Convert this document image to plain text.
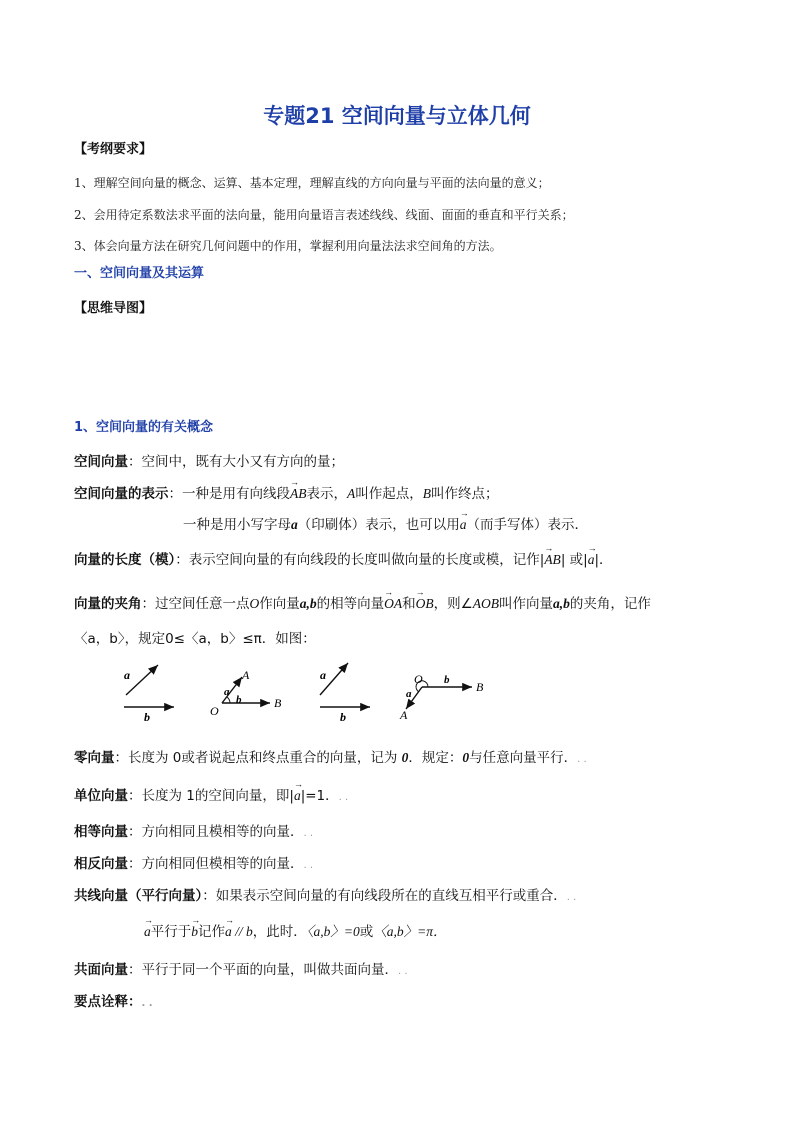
专题21 空间向量与立体几何
【考纲要求】
1、理解空间向量的概念、运算、基本定理，理解直线的方向向量与平面的法向量的意义；
2、会用待定系数法求平面的法向量，能用向量语言表述线线、线面、面面的垂直和平行关系；
3、体会向量方法在研究几何问题中的作用，掌握利用向量法法求空间角的方法。
一、空间向量及其运算
【思维导图】
1、空间向量的有关概念
空间向量：空间中，既有大小又有方向的量；
空间向量的表示：一种是用有向线段→ AB表示，A叫作起点，B叫作终点；
一种是用小写字母a（印刷体）表示，也可以用→ a（而手写体）表示．
向量的长度（模）：表示空间向量的有向线段的长度叫做向量的长度或模，记作|→ AB| 或|→ a|．
向量的夹角：过空间任意一点O作向量a,b的相等向量→ OA和→ OB，则∠AOB叫作向量a,b的夹角，记作
〈a，b〉，规定0≤〈a，b〉≤π．如图：
a
b	O
A
B
a
b
a
b
O
B
A
a
b
零向量：长度为 0或者说起点和终点重合的向量，记为 0．规定：0与任意向量平行．. .
单位向量：长度为 1的空间向量，即|→ a|=1．. .
相等向量：方向相同且模相等的向量．. .
相反向量：方向相同但模相等的向量．. .
共线向量（平行向量）：如果表示空间向量的有向线段所在的直线互相平行或重合．. .
→ a平行于→ b记作→ a // b，此时．〈a,b〉=0或〈a,b〉=π．
共面向量：平行于同一个平面的向量，叫做共面向量．. .
要点诠释：. .
